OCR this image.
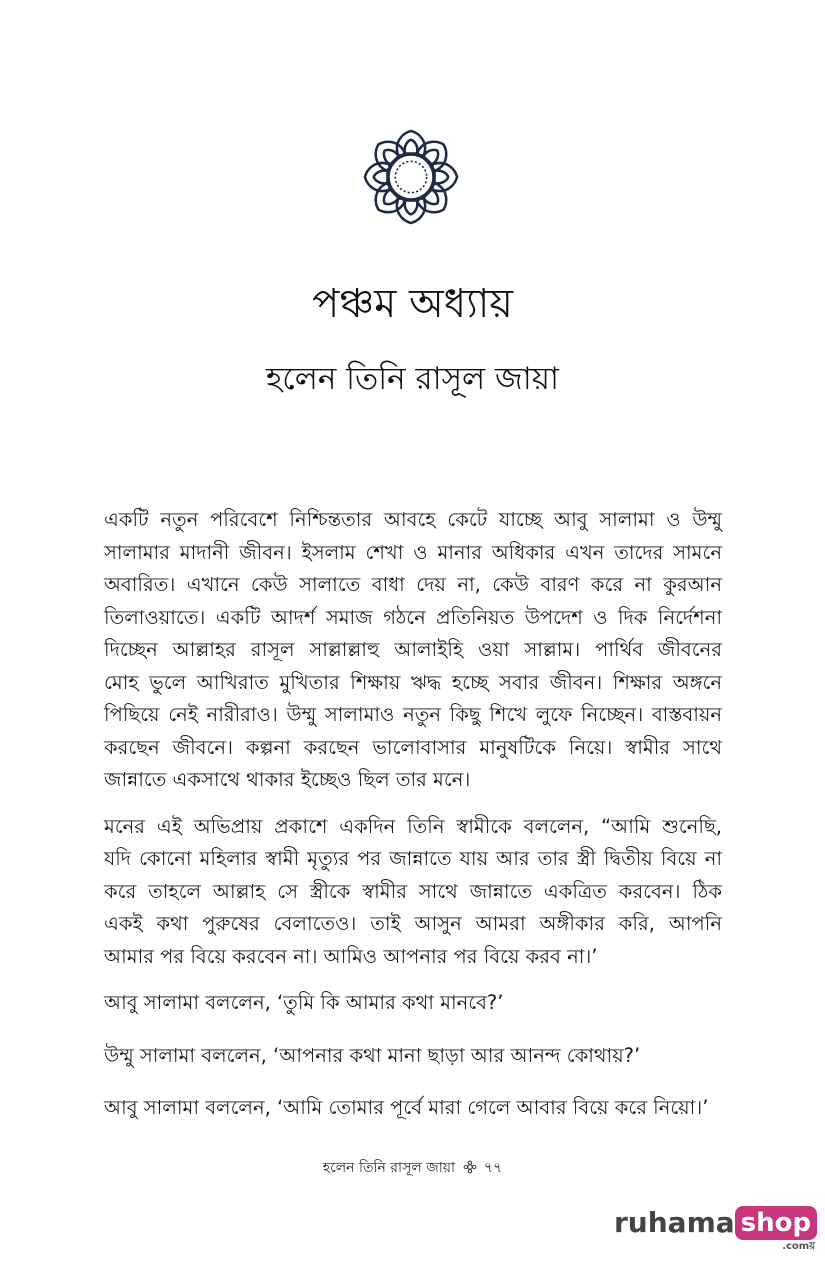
পঞ্চম অধ্যায়
হলেন তিনি রাসূল জায়া

একটি নতুন পরিবেশে নিশ্চিন্ততার আবহে কেটে যাচ্ছে আবু সালামা ও উম্মু
সালামার মাদানী জীবন। ইসলাম শেখা ও মানার অধিকার এখন তাদের সামনে
অবারিত। এখানে কেউ সালাতে বাধা দেয় না, কেউ বারণ করে না কুরআন
তিলাওয়াতে। একটি আদর্শ সমাজ গঠনে প্রতিনিয়ত উপদেশ ও দিক নির্দেশনা
দিচ্ছেন আল্লাহর রাসূল সাল্লাল্লাহু আলাইহি ওয়া সাল্লাম। পার্থিব জীবনের
মোহ ভুলে আখিরাত মুখিতার শিক্ষায় ঋদ্ধ হচ্ছে সবার জীবন। শিক্ষার অঙ্গনে
পিছিয়ে নেই নারীরাও। উম্মু সালামাও নতুন কিছু শিখে লুফে নিচ্ছেন। বাস্তবায়ন
করছেন জীবনে। কল্পনা করছেন ভালোবাসার মানুষটিকে নিয়ে। স্বামীর সাথে
জান্নাতে একসাথে থাকার ইচ্ছেও ছিল তার মনে।

মনের এই অভিপ্রায় প্রকাশে একদিন তিনি স্বামীকে বললেন, “আমি শুনেছি,
যদি কোনো মহিলার স্বামী মৃত্যুর পর জান্নাতে যায় আর তার স্ত্রী দ্বিতীয় বিয়ে না
করে তাহলে আল্লাহ সে স্ত্রীকে স্বামীর সাথে জান্নাতে একত্রিত করবেন। ঠিক
একই কথা পুরুষের বেলাতেও। তাই আসুন আমরা অঙ্গীকার করি, আপনি
আমার পর বিয়ে করবেন না। আমিও আপনার পর বিয়ে করব না।’

আবু সালামা বললেন, ‘তুমি কি আমার কথা মানবে?’

উম্মু সালামা বললেন, ‘আপনার কথা মানা ছাড়া আর আনন্দ কোথায়?’

আবু সালামা বললেন, ‘আমি তোমার পূর্বে মারা গেলে আবার বিয়ে করে নিয়ো।’

হলেন তিনি রাসূল জায়া ৭৭
ruhama shop
.comয়
